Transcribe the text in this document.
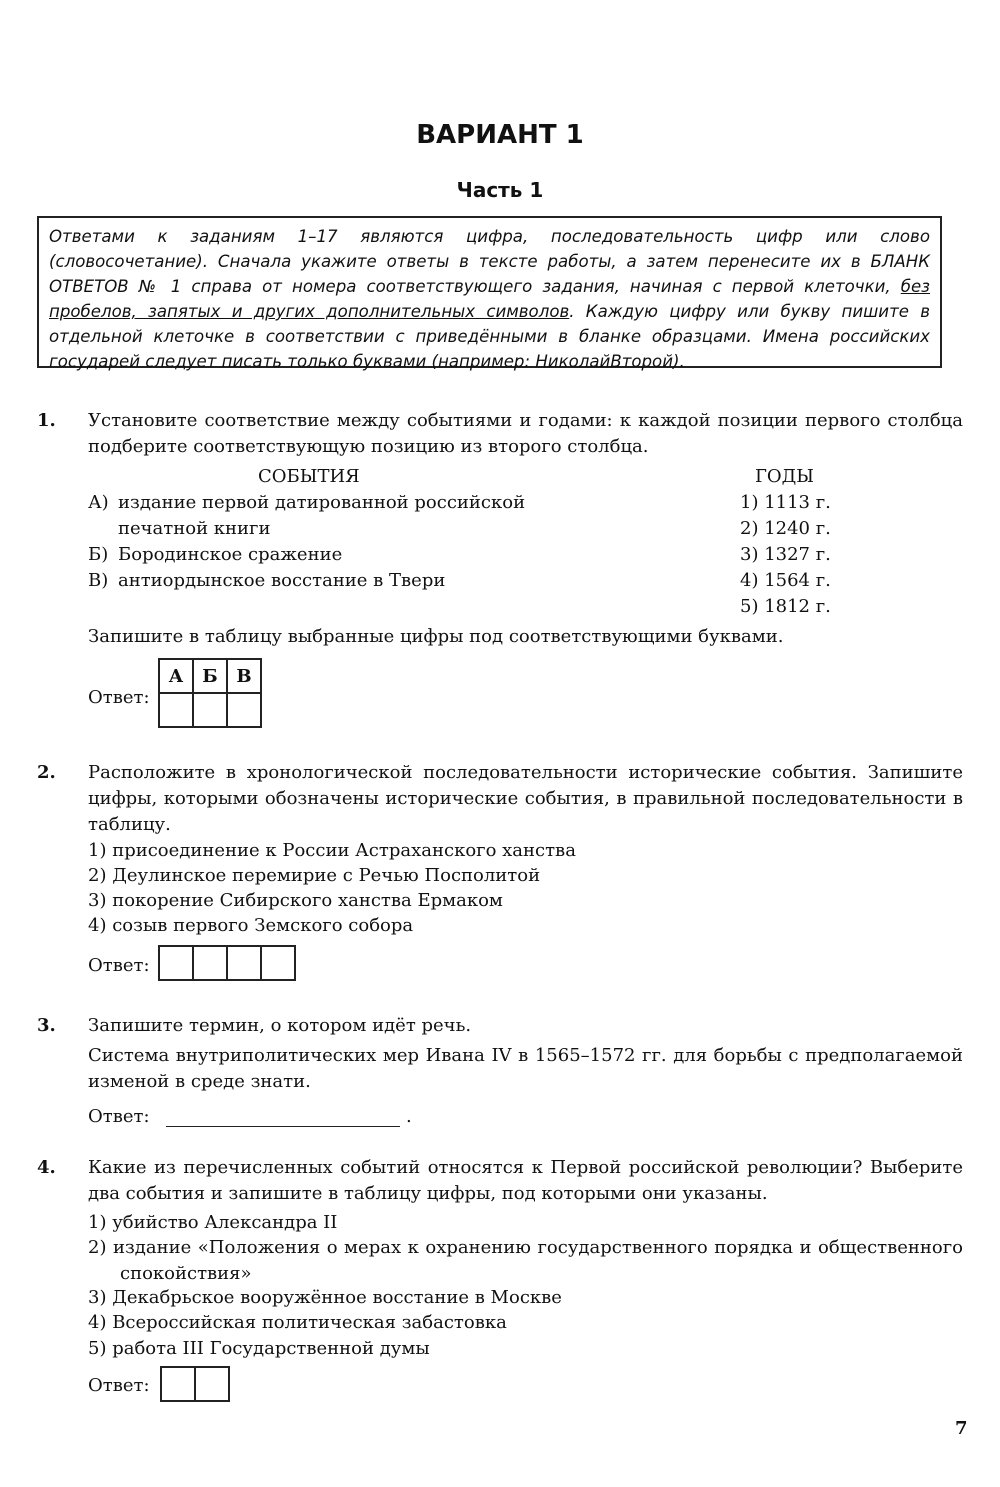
ВАРИАНТ 1
Часть 1
Ответами к заданиям 1–17 являются цифра, последовательность цифр или слово (словосочетание). Сначала укажите ответы в тексте работы, а затем перенесите их в БЛАНК ОТВЕТОВ № 1 справа от номера соответствующего задания, начиная с первой клеточки, без пробелов, запятых и других дополнительных символов. Каждую цифру или букву пишите в отдельной клеточке в соответствии с приведёнными в бланке образцами. Имена российских государей следует писать только буквами (например: НиколайВторой).
1. Установите соответствие между событиями и годами: к каждой позиции первого столбца подберите соответствующую позицию из второго столбца.
СОБЫТИЯ	ГОДЫ
А) издание первой датированной российской
печатной книги
Б) Бородинское сражение
В) антиордынское восстание в Твери
1) 1113 г.
2) 1240 г.
3) 1327 г.
4) 1564 г.
5) 1812 г.
Запишите в таблицу выбранные цифры под соответствующими буквами.
Ответ:
А	Б	В

2. Расположите в хронологической последовательности исторические события. Запишите цифры, которыми обозначены исторические события, в правильной последовательности в таблицу.
1) присоединение к России Астраханского ханства
2) Деулинское перемирие с Речью Посполитой
3) покорение Сибирского ханства Ермаком
4) созыв первого Земского собора
Ответ:

3. Запишите термин, о котором идёт речь.
Система внутриполитических мер Ивана IV в 1565–1572 гг. для борьбы с предполагаемой изменой в среде знати.
Ответ:	.
4. Какие из перечисленных событий относятся к Первой российской революции? Выберите два события и запишите в таблицу цифры, под которыми они указаны.
1) убийство Александра II
2) издание «Положения о мерах к охранению государственного порядка и общественного спокойствия»
3) Декабрьское вооружённое восстание в Москве
4) Всероссийская политическая забастовка
5) работа III Государственной думы
Ответ:

7
